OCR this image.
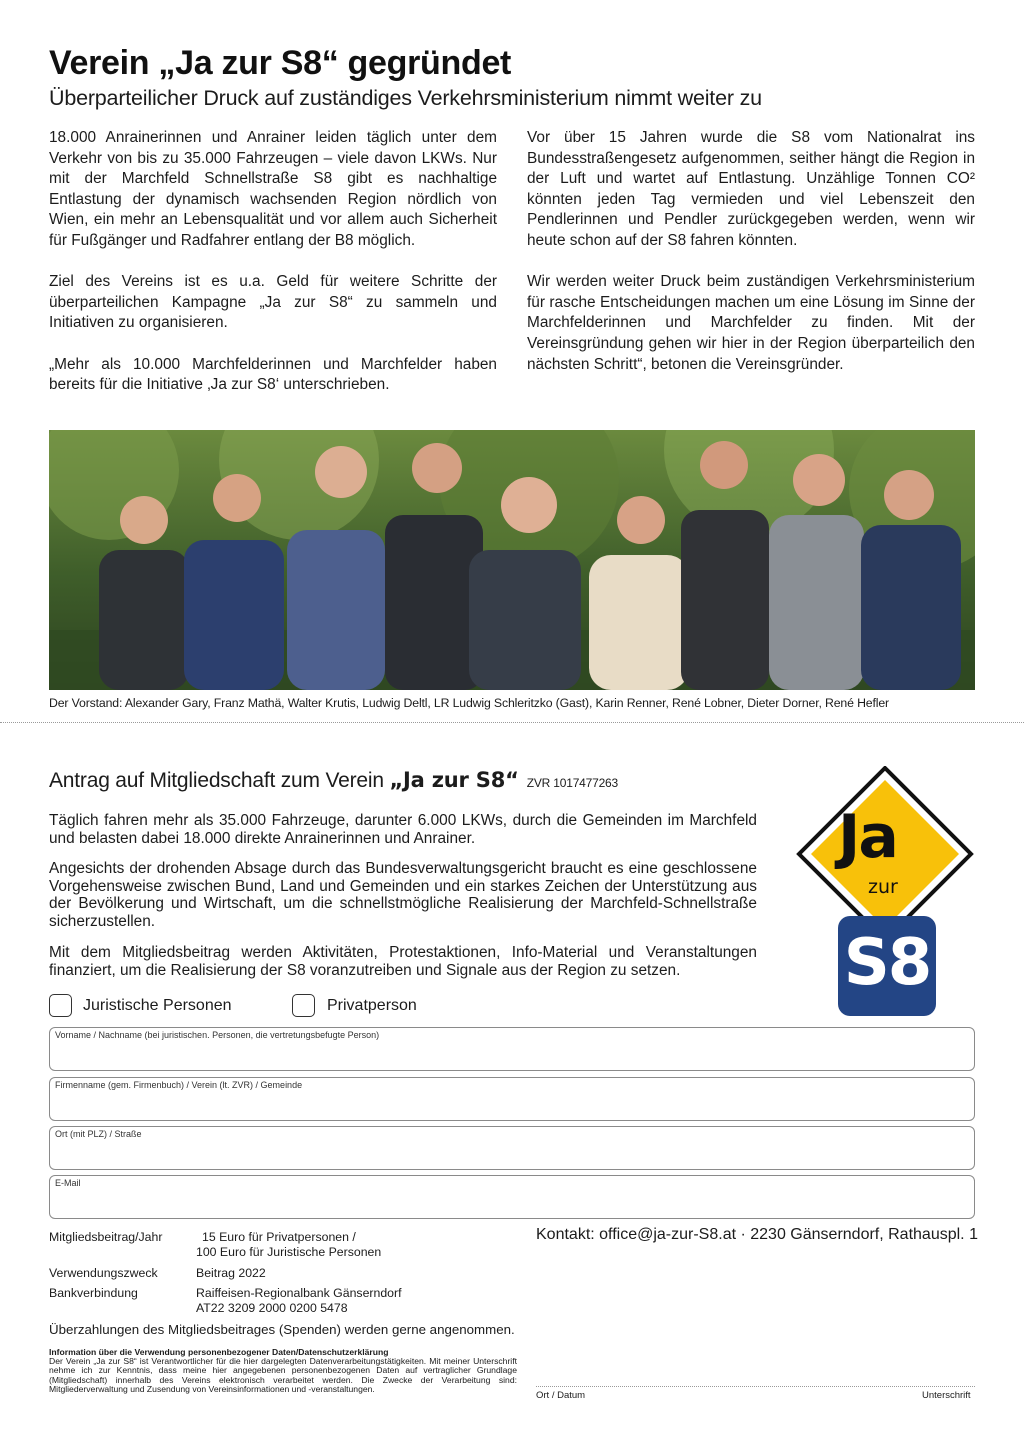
Verein „Ja zur S8“ gegründet
Überparteilicher Druck auf zuständiges Verkehrsministerium nimmt weiter zu

18.000 Anrainerinnen und Anrainer leiden täglich unter dem Verkehr von bis zu 35.000 Fahrzeugen – viele davon LKWs. Nur mit der Marchfeld Schnellstraße S8 gibt es nachhaltige Entlastung der dynamisch wachsenden Region nördlich von Wien, ein mehr an Lebensqualität und vor allem auch Sicherheit für Fußgänger und Radfahrer entlang der B8 möglich.

Ziel des Vereins ist es u.a. Geld für weitere Schritte der überparteilichen Kampagne „Ja zur S8“ zu sammeln und Initiativen zu organisieren.

„Mehr als 10.000 Marchfelderinnen und Marchfelder haben bereits für die Initiative ‚Ja zur S8‘ unterschrieben.

Vor über 15 Jahren wurde die S8 vom Nationalrat ins Bundesstraßengesetz aufgenommen, seither hängt die Region in der Luft und wartet auf Entlastung. Unzählige Tonnen CO² könnten jeden Tag vermieden und viel Lebenszeit den Pendlerinnen und Pendler zurückgegeben werden, wenn wir heute schon auf der S8 fahren könnten.

Wir werden weiter Druck beim zuständigen Verkehrsministerium für rasche Entscheidungen machen um eine Lösung im Sinne der Marchfelderinnen und Marchfelder zu finden. Mit der Vereinsgründung gehen wir hier in der Region überparteilich den nächsten Schritt“, betonen die Vereinsgründer.

Der Vorstand: Alexander Gary, Franz Mathä, Walter Krutis, Ludwig Deltl, LR Ludwig Schleritzko (Gast), Karin Renner, René Lobner, Dieter Dorner, René Hefler
Antrag auf Mitgliedschaft zum Verein „Ja zur S8“ ZVR 1017477263
Täglich fahren mehr als 35.000 Fahrzeuge, darunter 6.000 LKWs, durch die Gemeinden im Marchfeld und belasten dabei 18.000 direkte Anrainerinnen und Anrainer.
Angesichts der drohenden Absage durch das Bundesverwaltungsgericht braucht es eine geschlossene Vorgehensweise zwischen Bund, Land und Gemeinden und ein starkes Zeichen der Unterstützung aus der Bevölkerung und Wirtschaft, um die schnellstmögliche Realisierung der Marchfeld-Schnellstraße sicherzustellen.
Mit dem Mitgliedsbeitrag werden Aktivitäten, Protestaktionen, Info-Material und Veranstaltungen finanziert, um die Realisierung der S8 voranzutreiben und Signale aus der Region zu setzen.
Ja
zur
S8
Juristische Personen	Privatperson
Vorname / Nachname (bei juristischen. Personen, die vertretungsbefugte Person)
Firmenname (gem. Firmenbuch) / Verein (lt. ZVR) / Gemeinde
Ort (mit PLZ) / Straße
E-Mail
Mitgliedsbeitrag/Jahr	15 Euro für Privatpersonen /
100 Euro für Juristische Personen
Verwendungszweck	Beitrag 2022
Bankverbindung	Raiffeisen-Regionalbank Gänserndorf
AT22 3209 2000 0200 5478
Kontakt: office@ja-zur-S8.at · 2230 Gänserndorf, Rathauspl. 1
Überzahlungen des Mitgliedsbeitrages (Spenden) werden gerne angenommen.
Information über die Verwendung personenbezogener Daten/Datenschutzerklärung
Der Verein „Ja zur S8“ ist Verantwortlicher für die hier dargelegten Datenverarbeitungstätigkeiten. Mit meiner Unterschrift nehme ich zur Kenntnis, dass meine hier angegebenen personenbezogenen Daten auf vertraglicher Grundlage (Mitgliedschaft) innerhalb des Vereins elektronisch verarbeitet werden. Die Zwecke der Verarbeitung sind: Mitgliederverwaltung und Zusendung von Vereinsinformationen und -veranstaltungen.
Ort / Datum	Unterschrift
